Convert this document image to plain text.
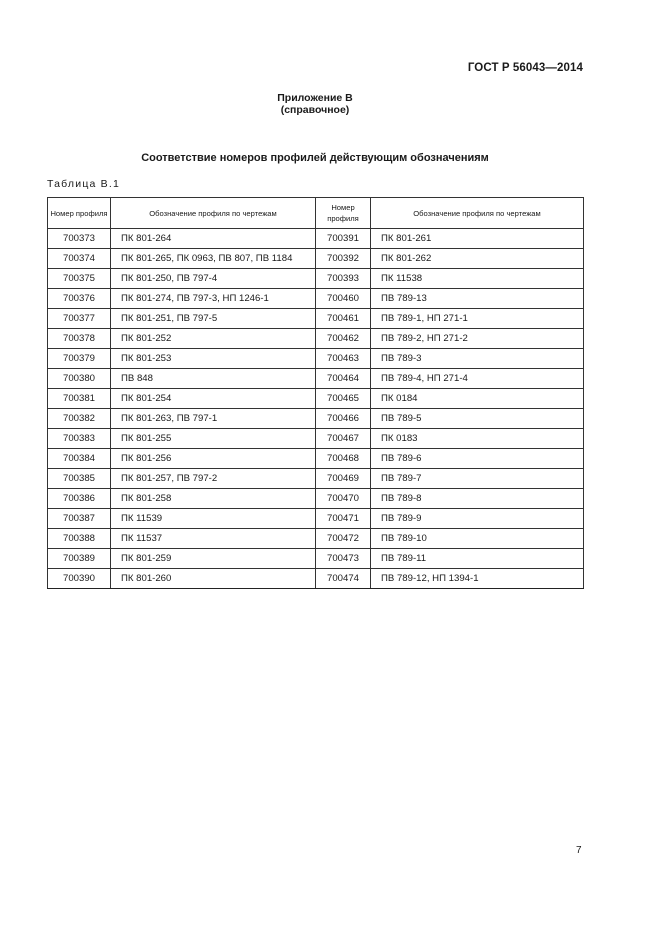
ГОСТ Р 56043—2014
Приложение В
(справочное)
Соответствие номеров профилей действующим обозначениям
Таблица В.1
Номер профиля	Обозначение профиля по чертежам	Номер профиля	Обозначение профиля по чертежам
700373	ПК 801-264	700391	ПК 801-261
700374	ПК 801-265, ПК 0963, ПВ 807, ПВ 1184	700392	ПК 801-262
700375	ПК 801-250, ПВ 797-4	700393	ПК 11538
700376	ПК 801-274, ПВ 797-3, НП 1246-1	700460	ПВ 789-13
700377	ПК 801-251, ПВ 797-5	700461	ПВ 789-1, НП 271-1
700378	ПК 801-252	700462	ПВ 789-2, НП 271-2
700379	ПК 801-253	700463	ПВ 789-3
700380	ПВ 848	700464	ПВ 789-4, НП 271-4
700381	ПК 801-254	700465	ПК 0184
700382	ПК 801-263, ПВ 797-1	700466	ПВ 789-5
700383	ПК 801-255	700467	ПК 0183
700384	ПК 801-256	700468	ПВ 789-6
700385	ПК 801-257, ПВ 797-2	700469	ПВ 789-7
700386	ПК 801-258	700470	ПВ 789-8
700387	ПК 11539	700471	ПВ 789-9
700388	ПК 11537	700472	ПВ 789-10
700389	ПК 801-259	700473	ПВ 789-11
700390	ПК 801-260	700474	ПВ 789-12, НП 1394-1
7
